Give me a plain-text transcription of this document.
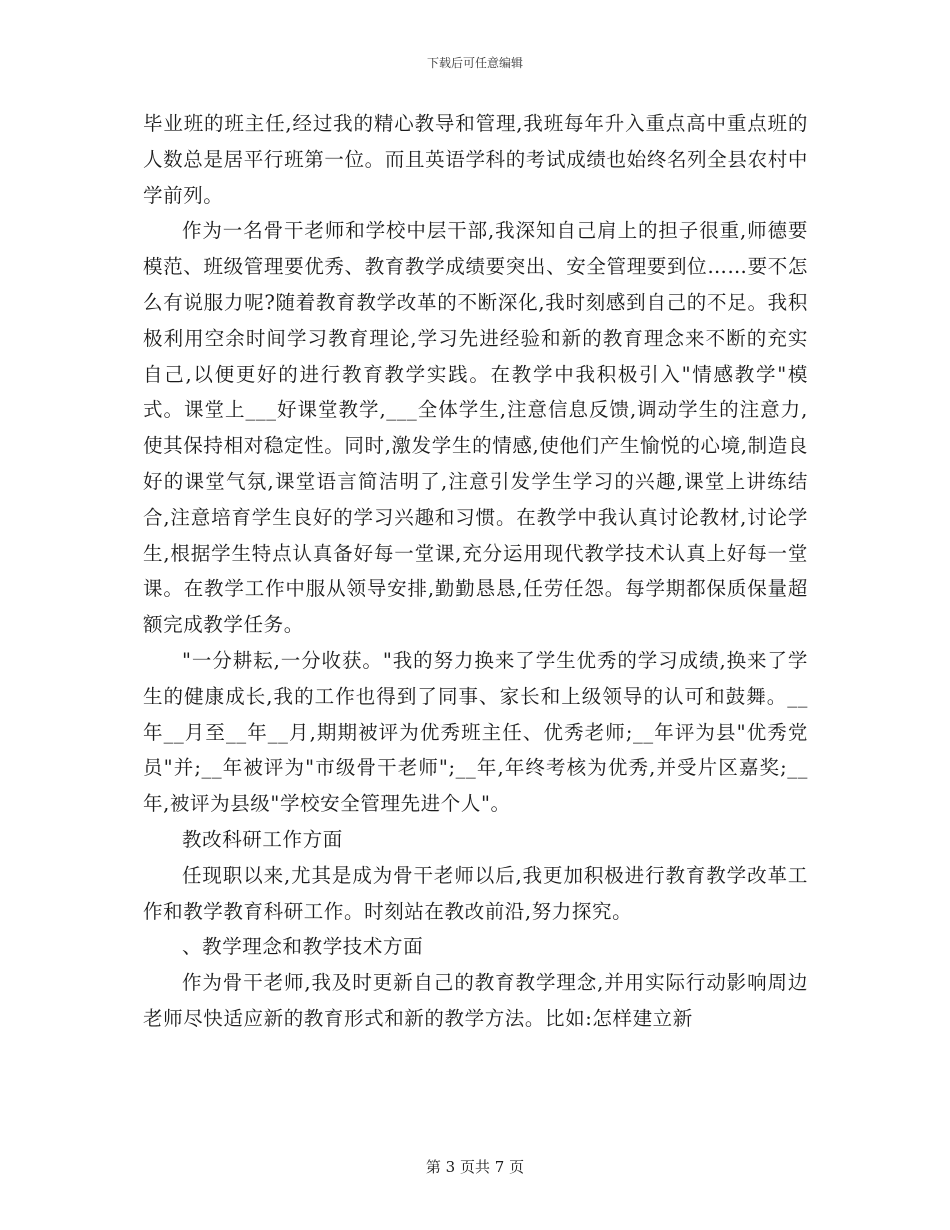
下载后可任意编辑

毕业班的班主任,经过我的精心教导和管理,我班每年升入重点高中重点班的人数总是居平行班第一位。而且英语学科的考试成绩也始终名列全县农村中学前列。

作为一名骨干老师和学校中层干部,我深知自己肩上的担子很重,师德要模范、班级管理要优秀、教育教学成绩要突出、安全管理要到位……要不怎么有说服力呢?随着教育教学改革的不断深化,我时刻感到自己的不足。我积极利用空余时间学习教育理论,学习先进经验和新的教育理念来不断的充实自己,以便更好的进行教育教学实践。在教学中我积极引入"情感教学"模式。课堂上___好课堂教学,___全体学生,注意信息反馈,调动学生的注意力,使其保持相对稳定性。同时,激发学生的情感,使他们产生愉悦的心境,制造良好的课堂气氛,课堂语言简洁明了,注意引发学生学习的兴趣,课堂上讲练结合,注意培育学生良好的学习兴趣和习惯。在教学中我认真讨论教材,讨论学生,根据学生特点认真备好每一堂课,充分运用现代教学技术认真上好每一堂课。在教学工作中服从领导安排,勤勤恳恳,任劳任怨。每学期都保质保量超额完成教学任务。

"一分耕耘,一分收获。"我的努力换来了学生优秀的学习成绩,换来了学生的健康成长,我的工作也得到了同事、家长和上级领导的认可和鼓舞。__年__月至__年__月,期期被评为优秀班主任、优秀老师;__年评为县"优秀党员"并;__年被评为"市级骨干老师";__年,年终考核为优秀,并受片区嘉奖;__年,被评为县级"学校安全管理先进个人"。

教改科研工作方面

任现职以来,尤其是成为骨干老师以后,我更加积极进行教育教学改革工作和教学教育科研工作。时刻站在教改前沿,努力探究。

、教学理念和教学技术方面

作为骨干老师,我及时更新自己的教育教学理念,并用实际行动影响周边老师尽快适应新的教育形式和新的教学方法。比如:怎样建立新

第 3 页共 7 页
